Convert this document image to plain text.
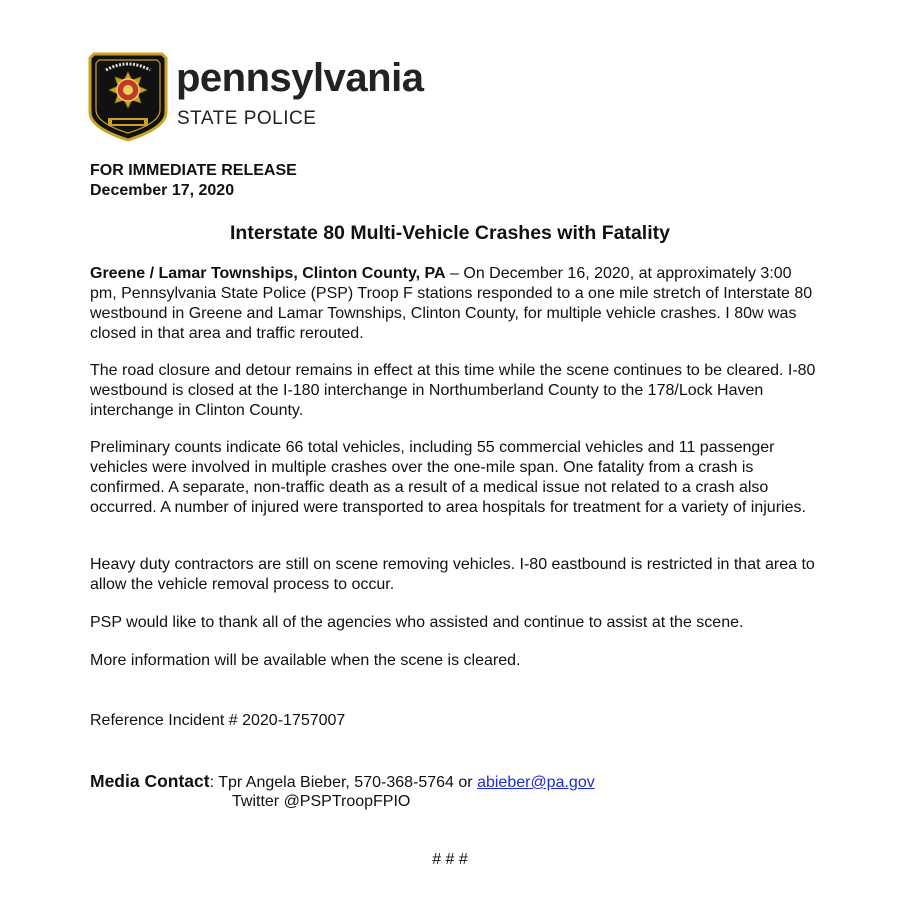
pennsylvania
STATE POLICE
FOR IMMEDIATE RELEASE
December 17, 2020
Interstate 80 Multi-Vehicle Crashes with Fatality

Greene / Lamar Townships, Clinton County, PA – On December 16, 2020, at approximately 3:00 pm, Pennsylvania State Police (PSP) Troop F stations responded to a one mile stretch of Interstate 80 westbound in Greene and Lamar Townships, Clinton County, for multiple vehicle crashes. I 80w was closed in that area and traffic rerouted.

The road closure and detour remains in effect at this time while the scene continues to be cleared. I-80 westbound is closed at the I-180 interchange in Northumberland County to the 178/Lock Haven interchange in Clinton County.

Preliminary counts indicate 66 total vehicles, including 55 commercial vehicles and 11 passenger vehicles were involved in multiple crashes over the one-mile span. One fatality from a crash is confirmed. A separate, non-traffic death as a result of a medical issue not related to a crash also occurred. A number of injured were transported to area hospitals for treatment for a variety of injuries.

Heavy duty contractors are still on scene removing vehicles. I-80 eastbound is restricted in that area to allow the vehicle removal process to occur.

PSP would like to thank all of the agencies who assisted and continue to assist at the scene.

More information will be available when the scene is cleared.

Reference Incident # 2020-1757007

Media Contact: Tpr Angela Bieber, 570-368-5764 or abieber@pa.gov
Twitter @PSPTroopFPIO
# # #
